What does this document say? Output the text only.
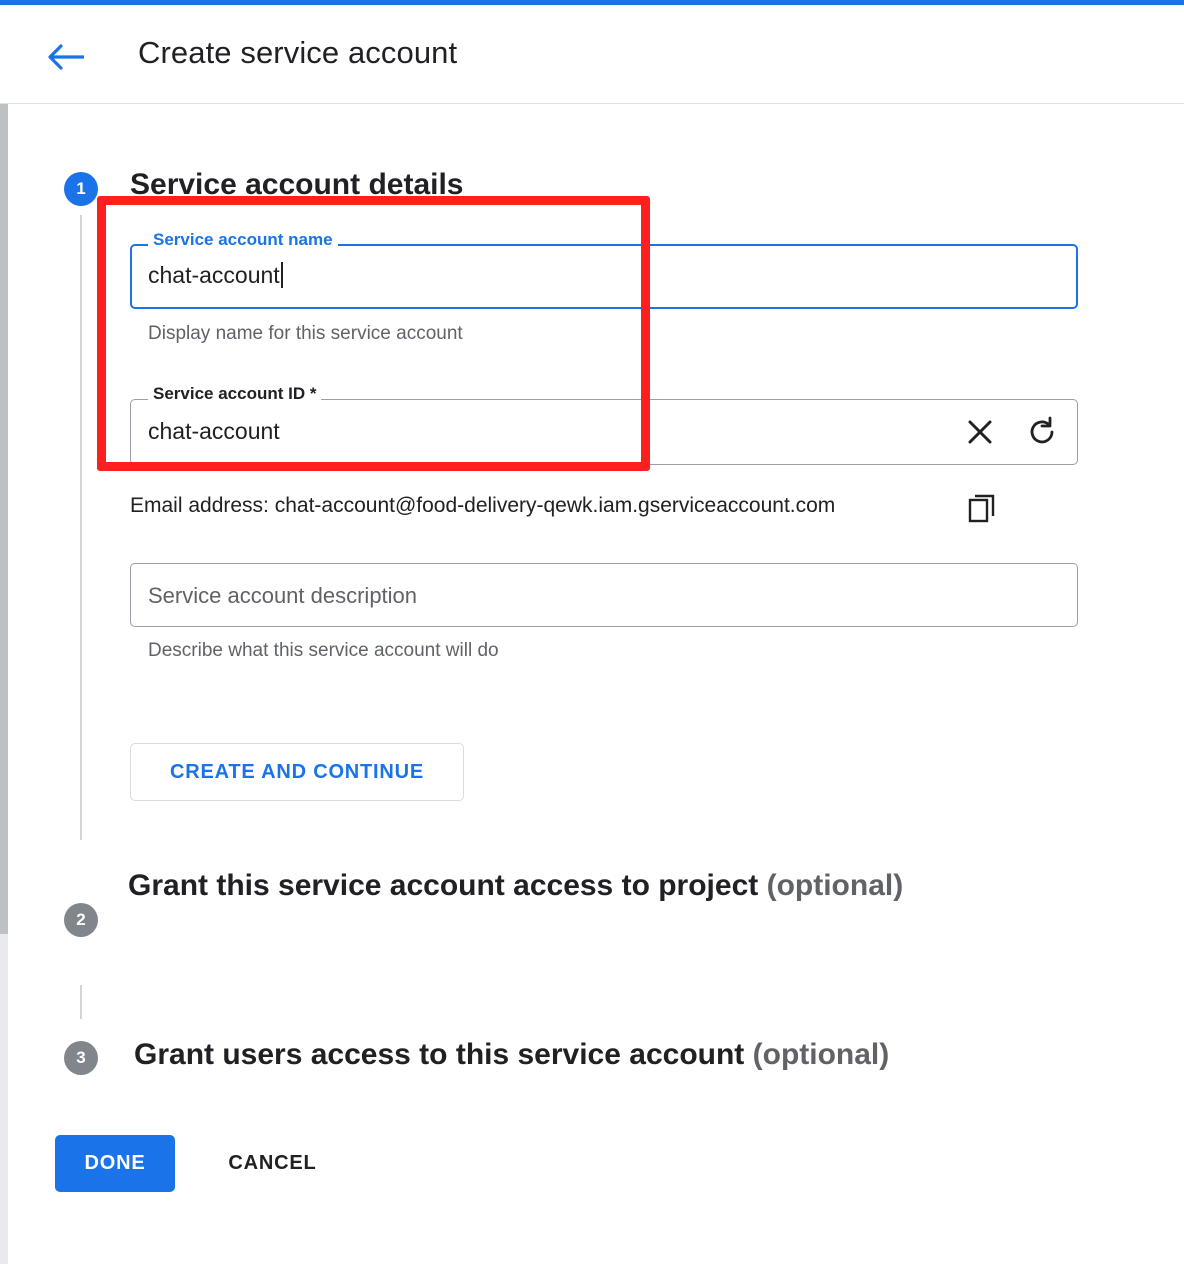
Create service account
1	Service account details
Service account name
chat-account
Display name for this service account
Service account ID *
chat-account
Email address: chat-account@food-delivery-qewk.iam.gserviceaccount.com
Service account description
Describe what this service account will do
CREATE AND CONTINUE
2
Grant this service account access to project (optional)
3	Grant users access to this service account (optional)
DONE	CANCEL
